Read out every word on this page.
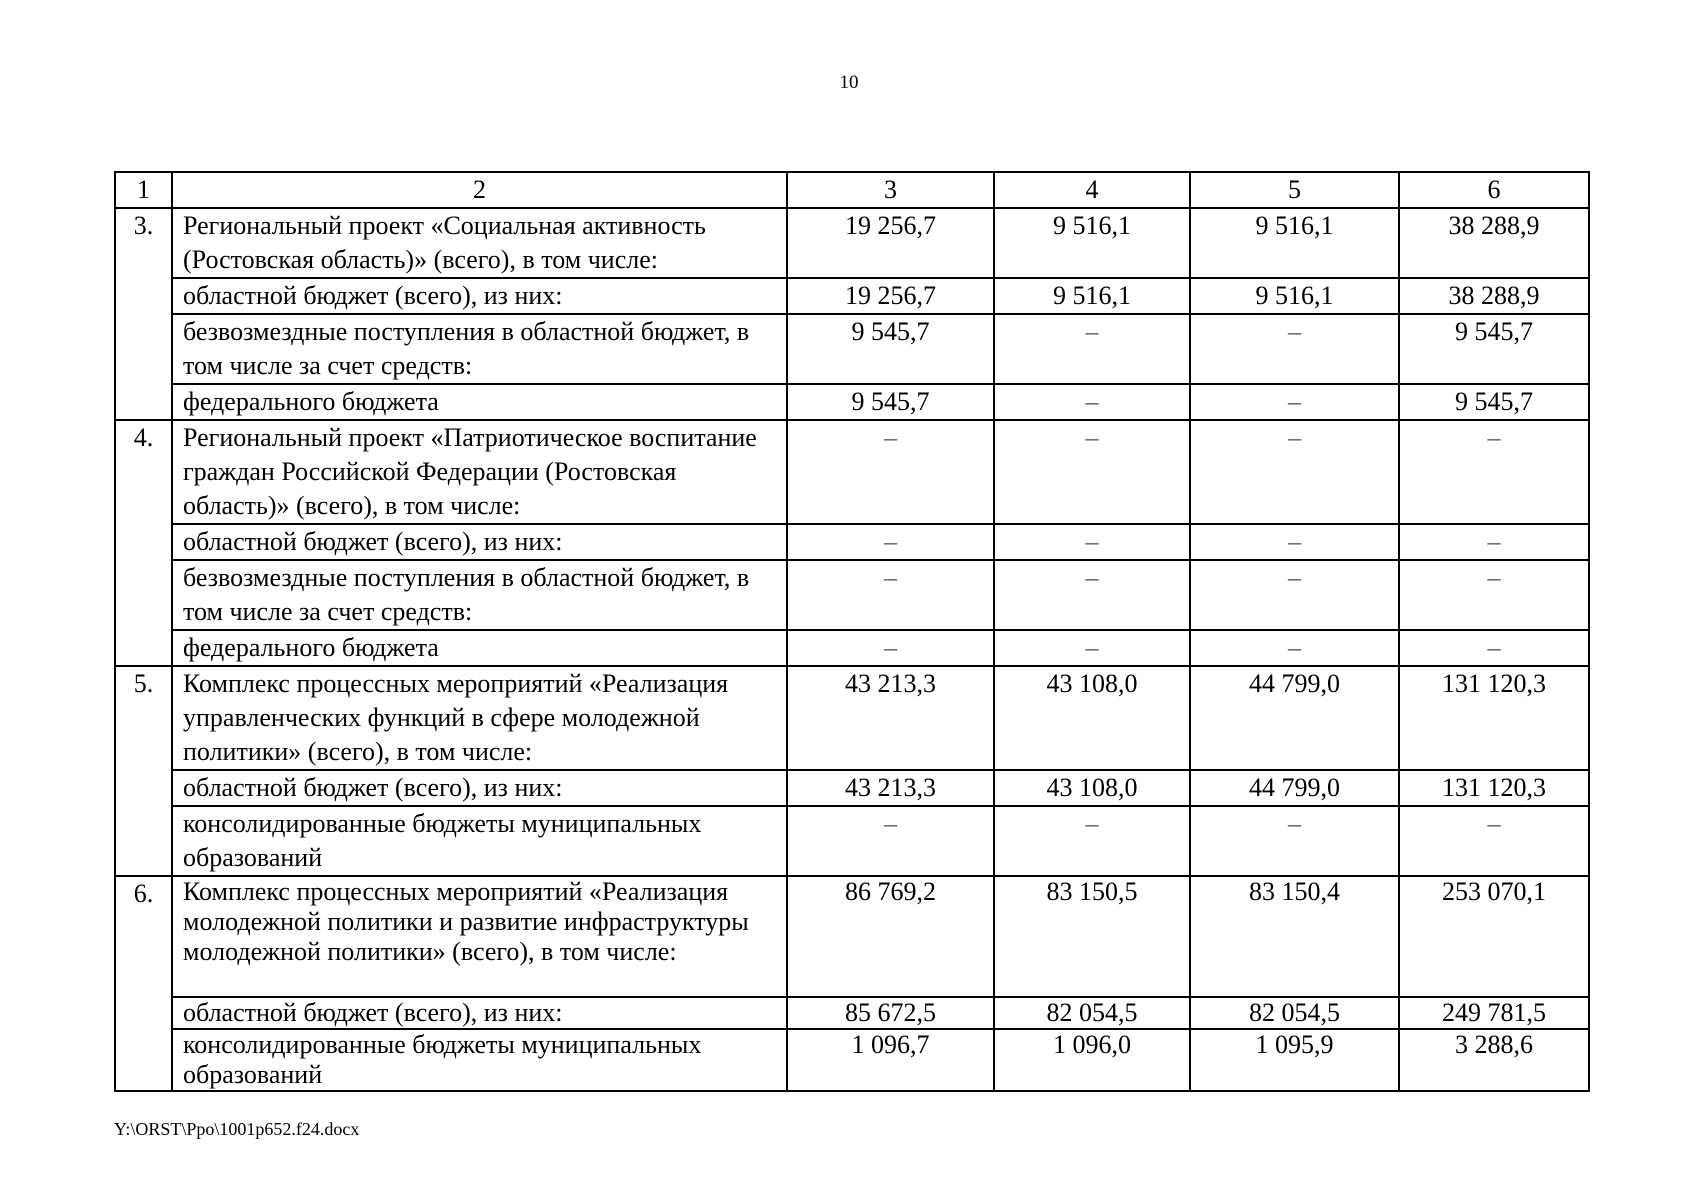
10
1	2	3	4	5	6
3.	Региональный проект «Социальная активность (Ростовская область)» (всего), в том числе:	19 256,7	9 516,1	9 516,1	38 288,9
	областной бюджет (всего), из них:	19 256,7	9 516,1	9 516,1	38 288,9
	безвозмездные поступления в областной бюджет, в том числе за счет средств:	9 545,7	–	–	9 545,7
	федерального бюджета	9 545,7	–	–	9 545,7
4.	Региональный проект «Патриотическое воспитание граждан Российской Федерации (Ростовская область)» (всего), в том числе:	–	–	–	–
	областной бюджет (всего), из них:	–	–	–	–
	безвозмездные поступления в областной бюджет, в том числе за счет средств:	–	–	–	–
	федерального бюджета	–	–	–	–
5.	Комплекс процессных мероприятий «Реализация управленческих функций в сфере молодежной политики» (всего), в том числе:	43 213,3	43 108,0	44 799,0	131 120,3
	областной бюджет (всего), из них:	43 213,3	43 108,0	44 799,0	131 120,3
	консолидированные бюджеты муниципальных образований	–	–	–	–
6.	Комплекс процессных мероприятий «Реализация молодежной политики и развитие инфраструктуры молодежной политики» (всего), в том числе:	86 769,2	83 150,5	83 150,4	253 070,1
	областной бюджет (всего), из них:	85 672,5	82 054,5	82 054,5	249 781,5
	консолидированные бюджеты муниципальных образований	1 096,7	1 096,0	1 095,9	3 288,6
Y:\ORST\Ppo\1001p652.f24.docx
